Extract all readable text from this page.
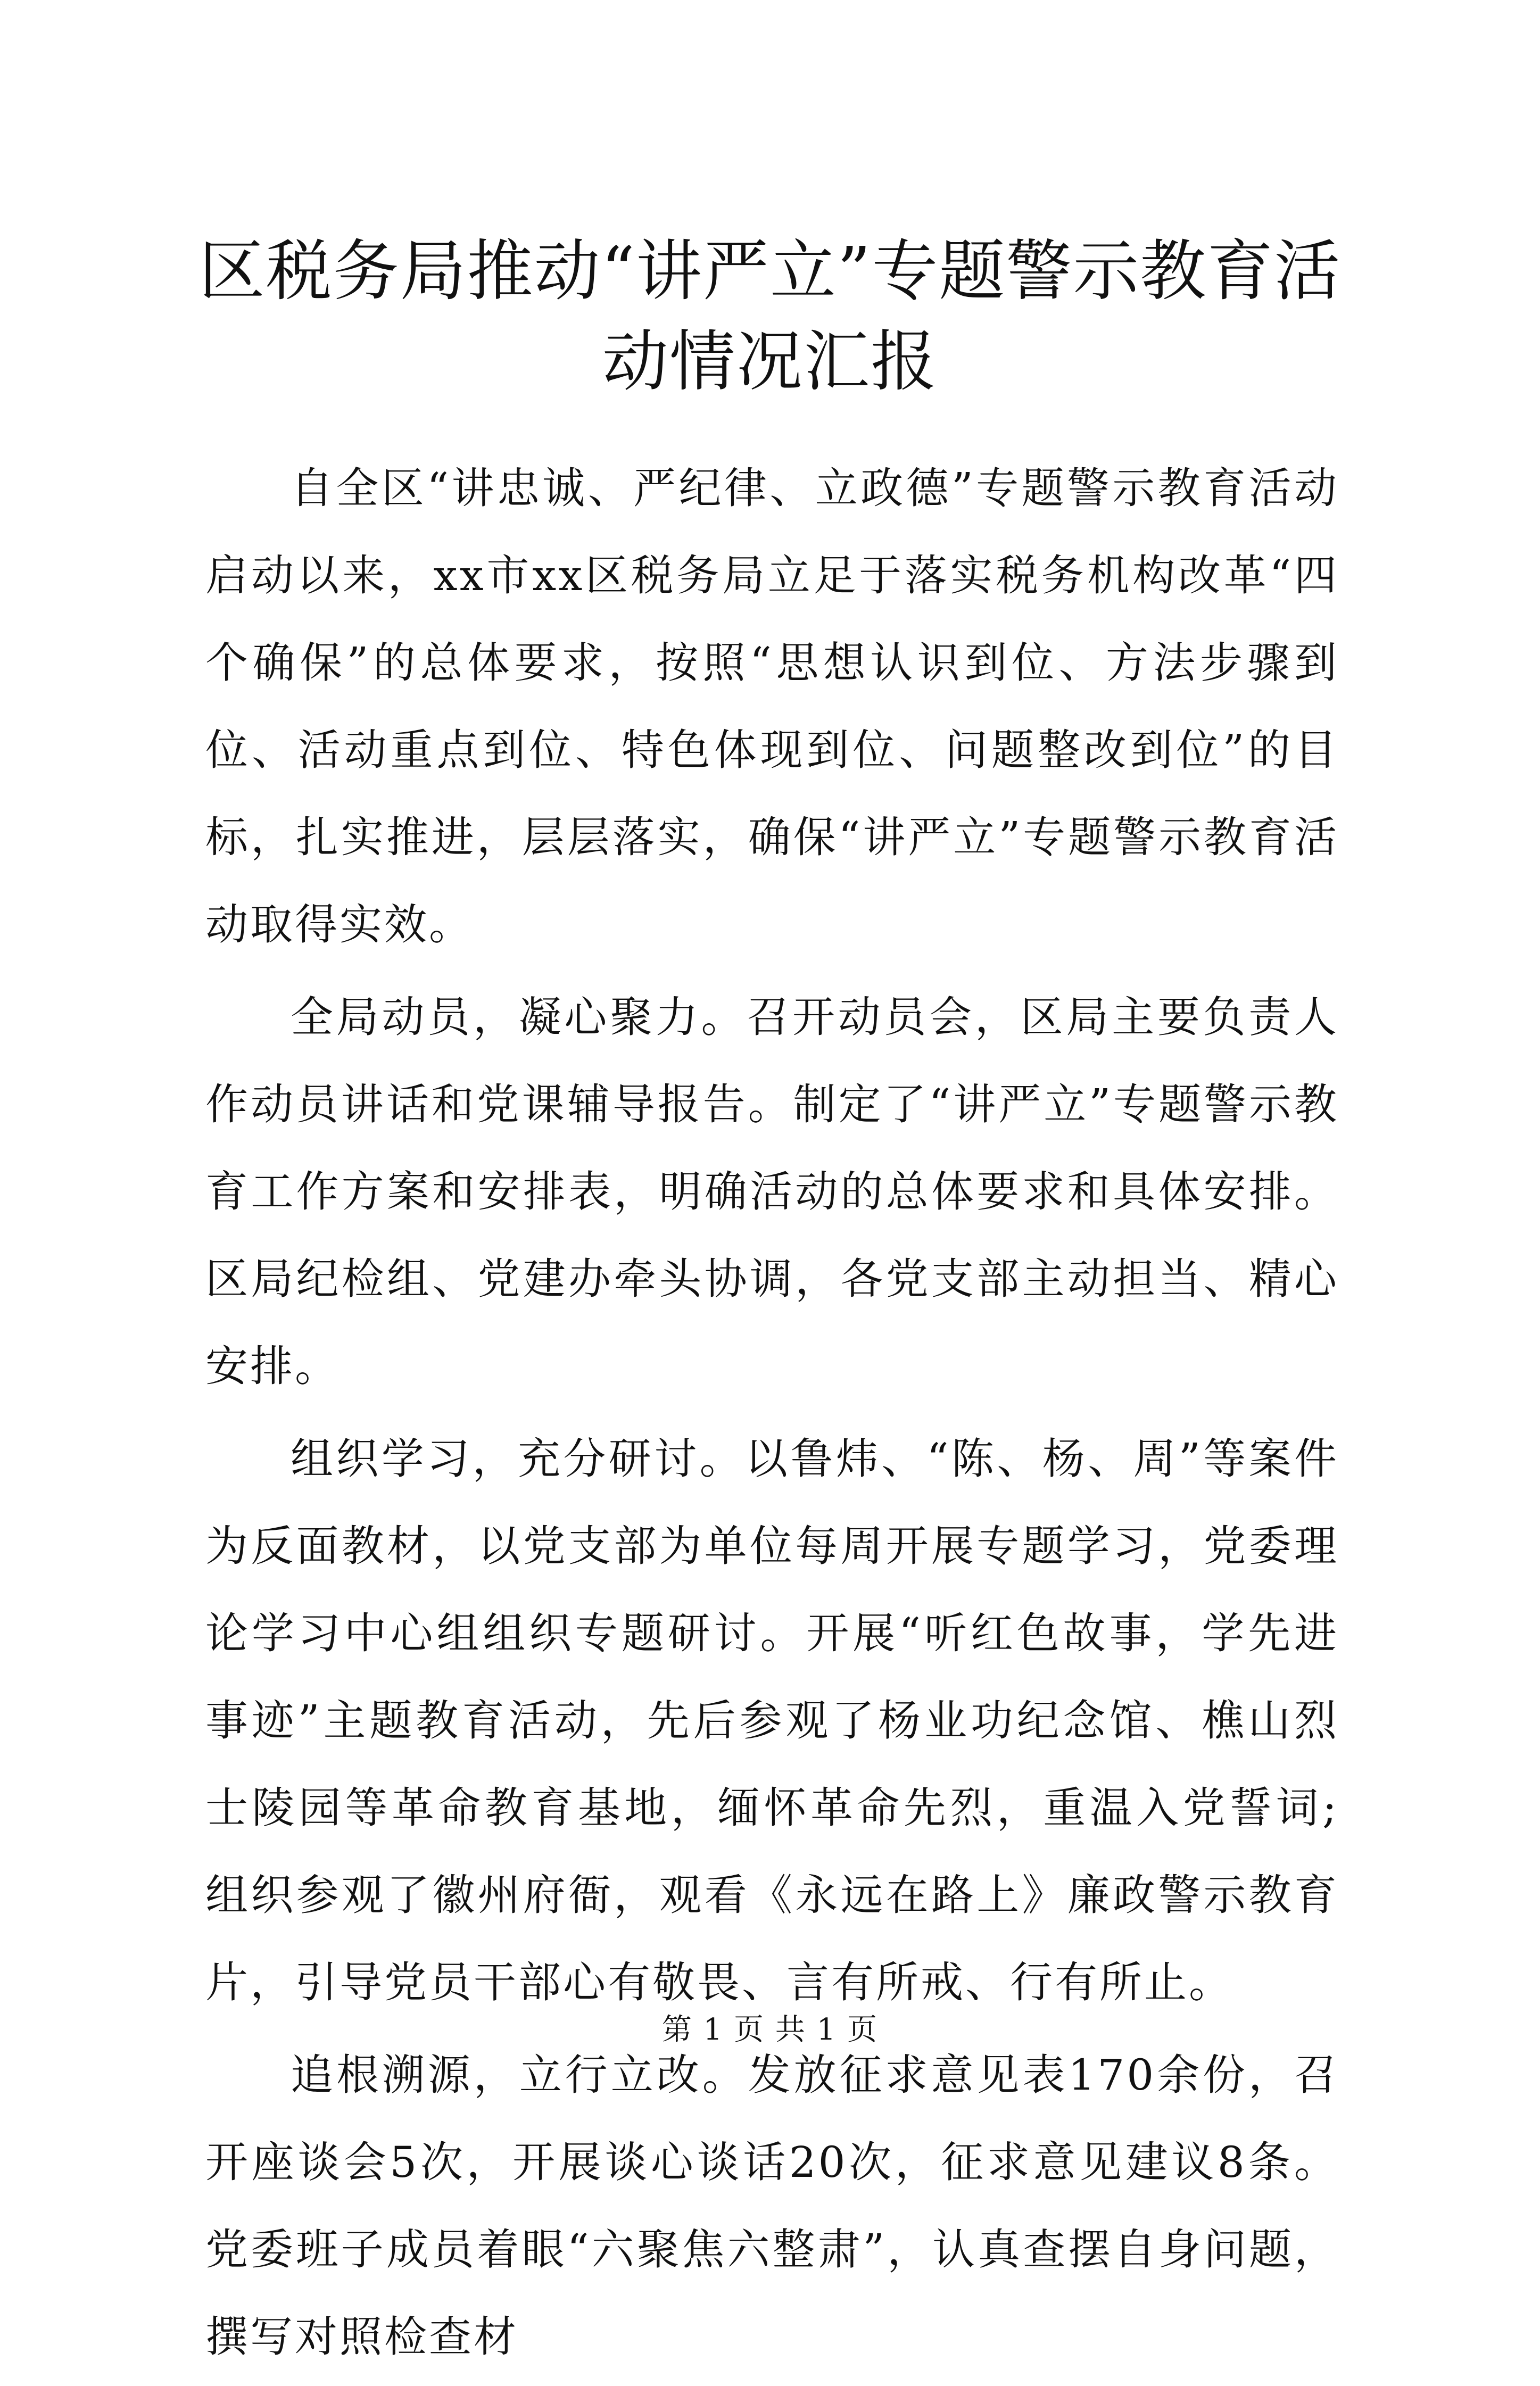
区税务局推动“讲严立”专题警示教育活动情况汇报

自全区“讲忠诚、严纪律、立政德”专题警示教育活动启动以来，xx市xx区税务局立足于落实税务机构改革“四个确保”的总体要求，按照“思想认识到位、方法步骤到位、活动重点到位、特色体现到位、问题整改到位”的目标，扎实推进，层层落实，确保“讲严立”专题警示教育活动取得实效。

全局动员，凝心聚力。召开动员会，区局主要负责人作动员讲话和党课辅导报告。制定了“讲严立”专题警示教育工作方案和安排表，明确活动的总体要求和具体安排。区局纪检组、党建办牵头协调，各党支部主动担当、精心安排。

组织学习，充分研讨。以鲁炜、“陈、杨、周”等案件为反面教材，以党支部为单位每周开展专题学习，党委理论学习中心组组织专题研讨。开展“听红色故事，学先进事迹”主题教育活动，先后参观了杨业功纪念馆、樵山烈士陵园等革命教育基地，缅怀革命先烈，重温入党誓词;组织参观了徽州府衙，观看《永远在路上》廉政警示教育片，引导党员干部心有敬畏、言有所戒、行有所止。

追根溯源，立行立改。发放征求意见表170余份，召开座谈会5次，开展谈心谈话20次，征求意见建议8条。党委班子成员着眼“六聚焦六整肃”，认真查摆自身问题，撰写对照检查材

第 1 页 共 1 页
